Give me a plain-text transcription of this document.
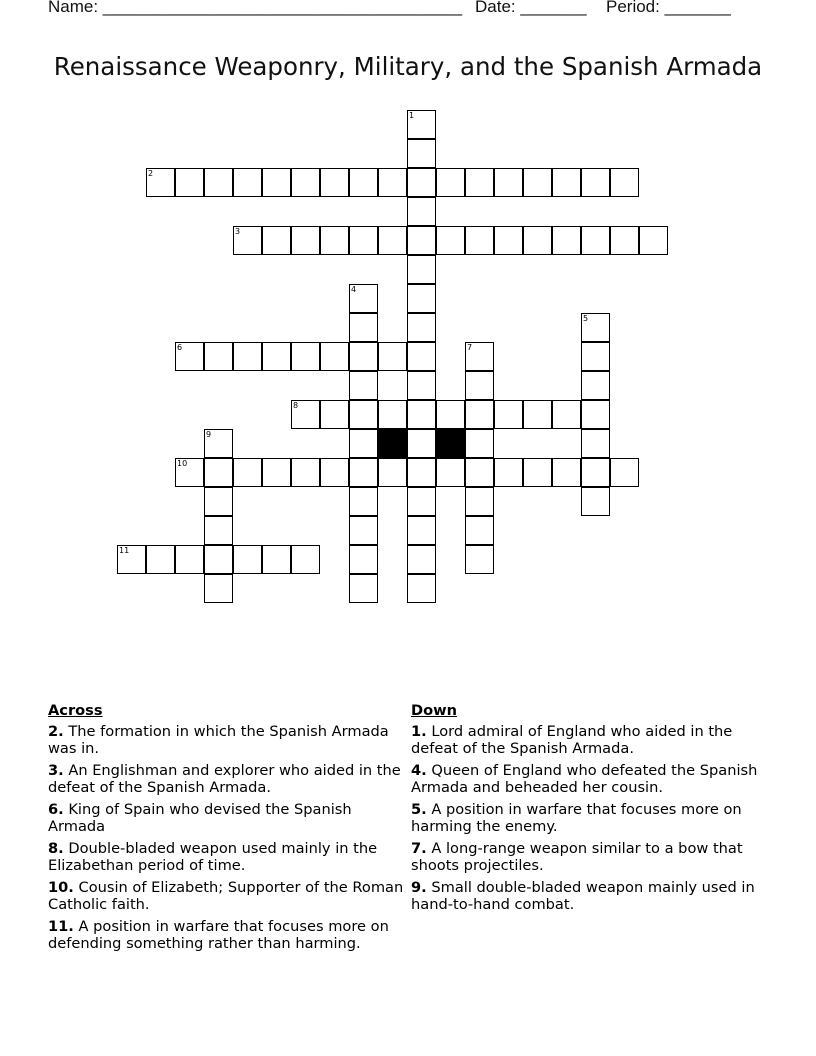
Name: ______________________________________ Date: _______ Period: _______
Renaissance Weaponry, Military, and the Spanish Armada
1
2
3
4
5
6	7
8
9
10
11
Across
2. The formation in which the Spanish Armada was in.
3. An Englishman and explorer who aided in the defeat of the Spanish Armada.
6. King of Spain who devised the Spanish Armada
8. Double-bladed weapon used mainly in the Elizabethan period of time.
10. Cousin of Elizabeth; Supporter of the Roman Catholic faith.
11. A position in warfare that focuses more on defending something rather than harming.
Down
1. Lord admiral of England who aided in the defeat of the Spanish Armada.
4. Queen of England who defeated the Spanish Armada and beheaded her cousin.
5. A position in warfare that focuses more on harming the enemy.
7. A long-range weapon similar to a bow that shoots projectiles.
9. Small double-bladed weapon mainly used in hand-to-hand combat.
